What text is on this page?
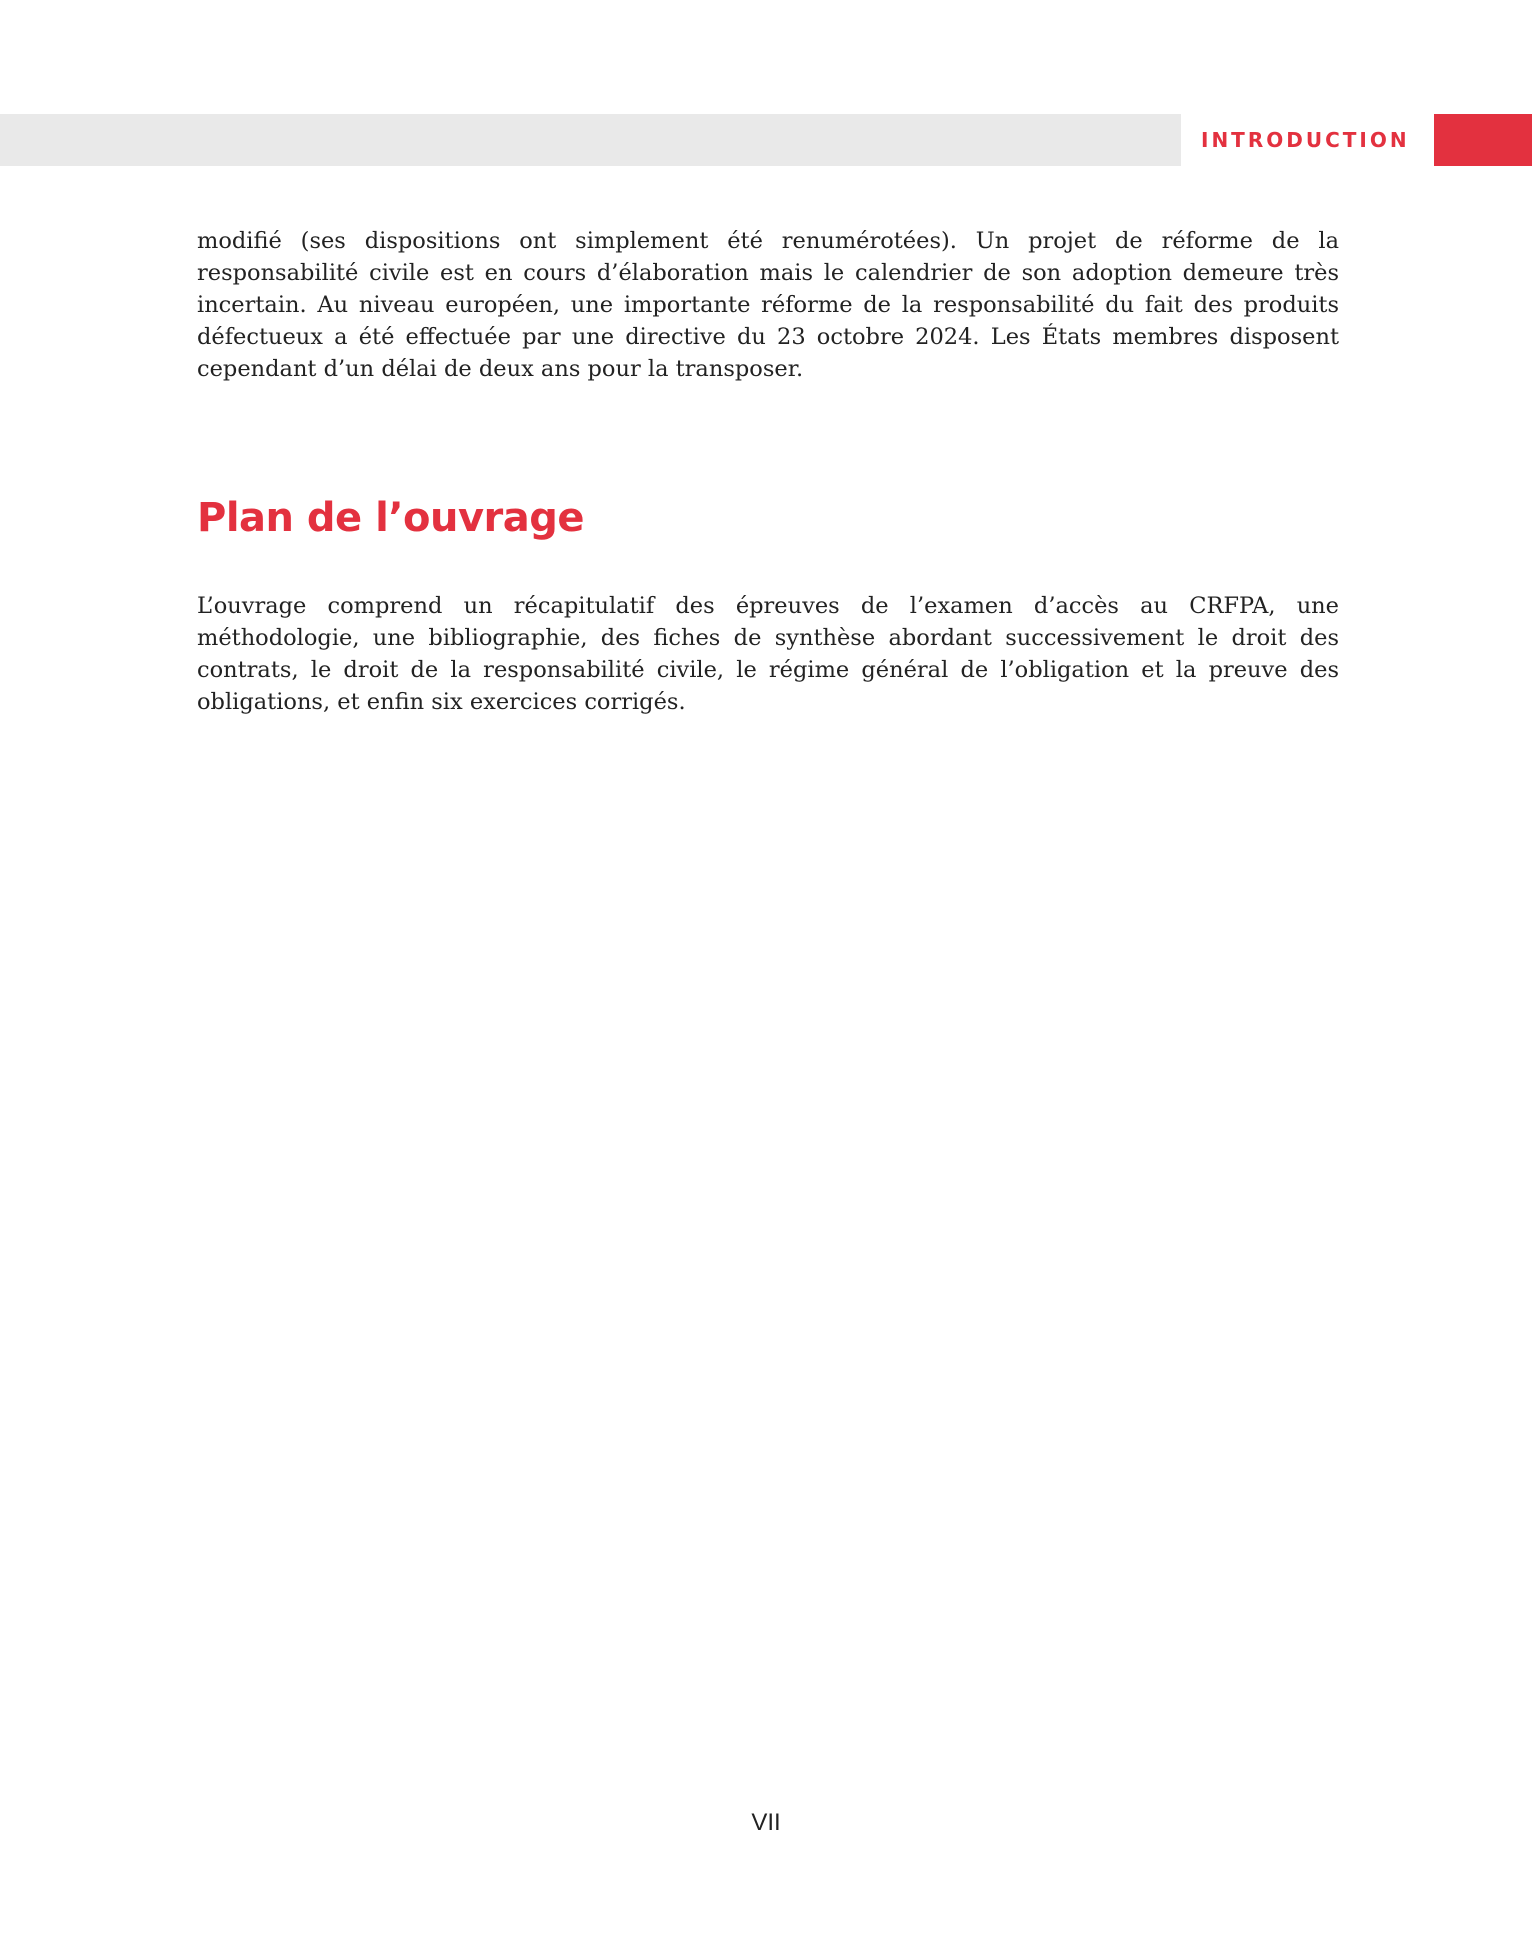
INTRODUCTION

modifié (ses dispositions ont simplement été renumérotées). Un projet de réforme de la responsabilité civile est en cours d’élaboration mais le calendrier de son adoption demeure très incertain. Au niveau européen, une importante réforme de la responsabilité du fait des produits défectueux a été effectuée par une directive du 23 octobre 2024. Les États membres disposent cependant d’un délai de deux ans pour la transposer.

Plan de l’ouvrage

L’ouvrage comprend un récapitulatif des épreuves de l’examen d’accès au CRFPA, une méthodologie, une bibliographie, des fiches de synthèse abordant successivement le droit des contrats, le droit de la responsabilité civile, le régime général de l’obligation et la preuve des obligations, et enfin six exercices corrigés.

VII
